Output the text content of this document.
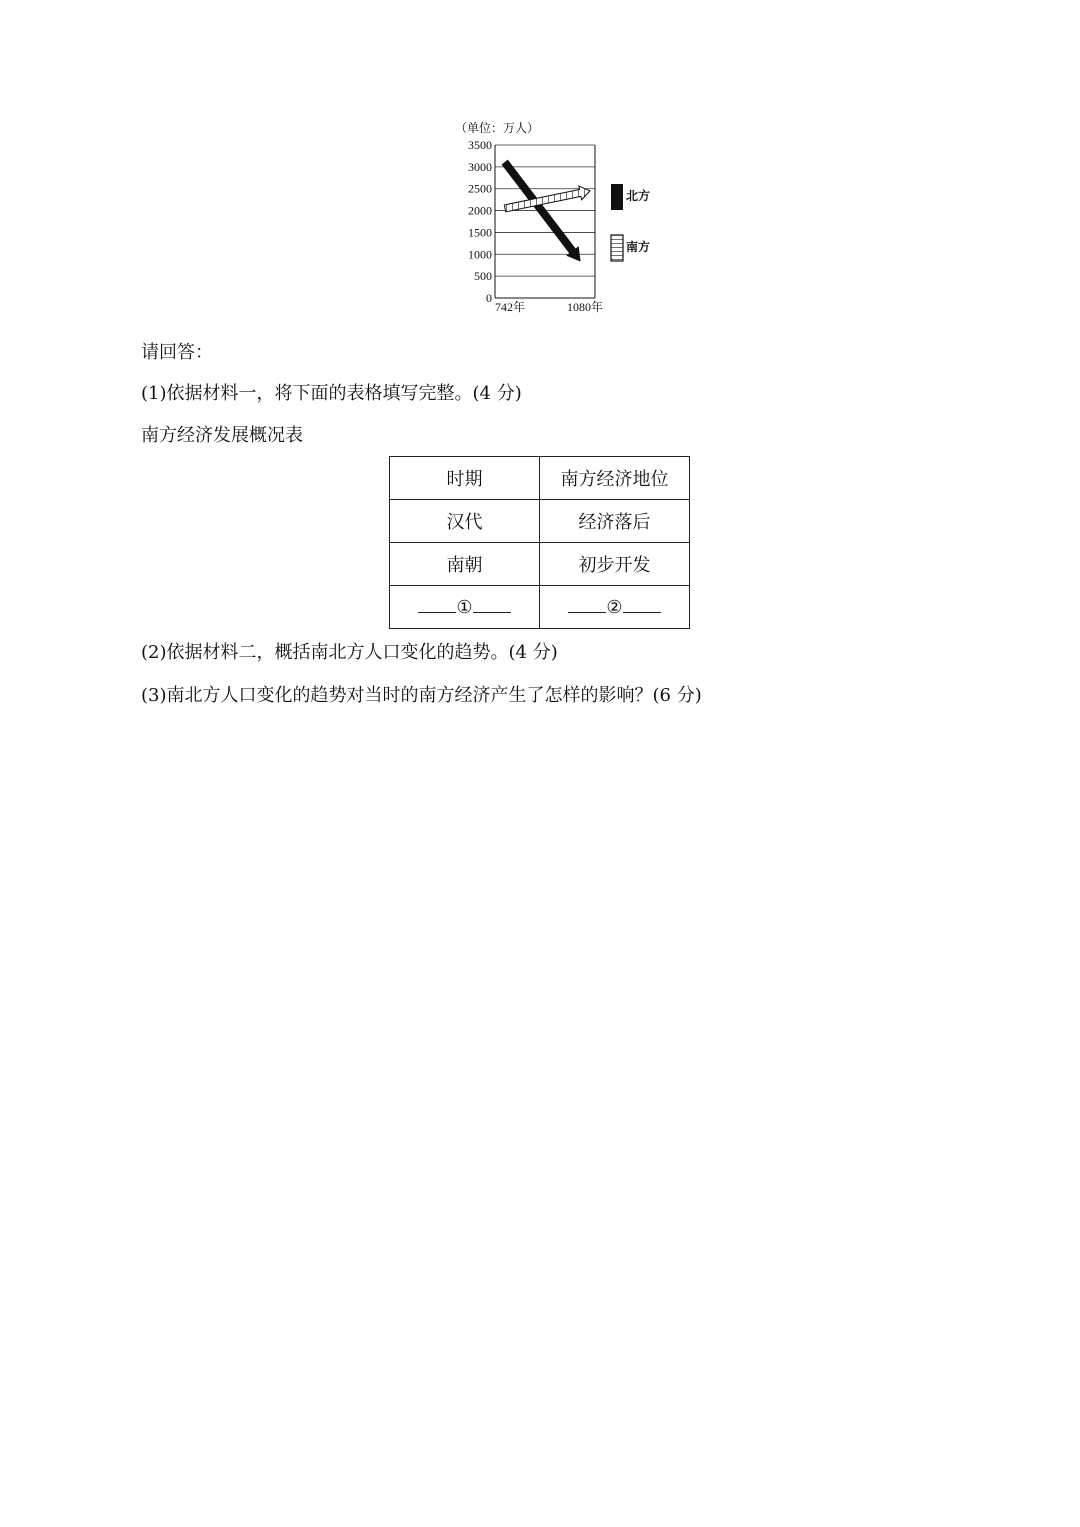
（单位：万人）
3500
3000
2500
2000
1500
1000
500
0
742年	1080年
北方
南方
请回答：
(1)依据材料一，将下面的表格填写完整。(4 分)
南方经济发展概况表
时期	南方经济地位
汉代	经济落后
南朝	初步开发
①	②
(2)依据材料二，概括南北方人口变化的趋势。(4 分)
(3)南北方人口变化的趋势对当时的南方经济产生了怎样的影响？(6 分)
